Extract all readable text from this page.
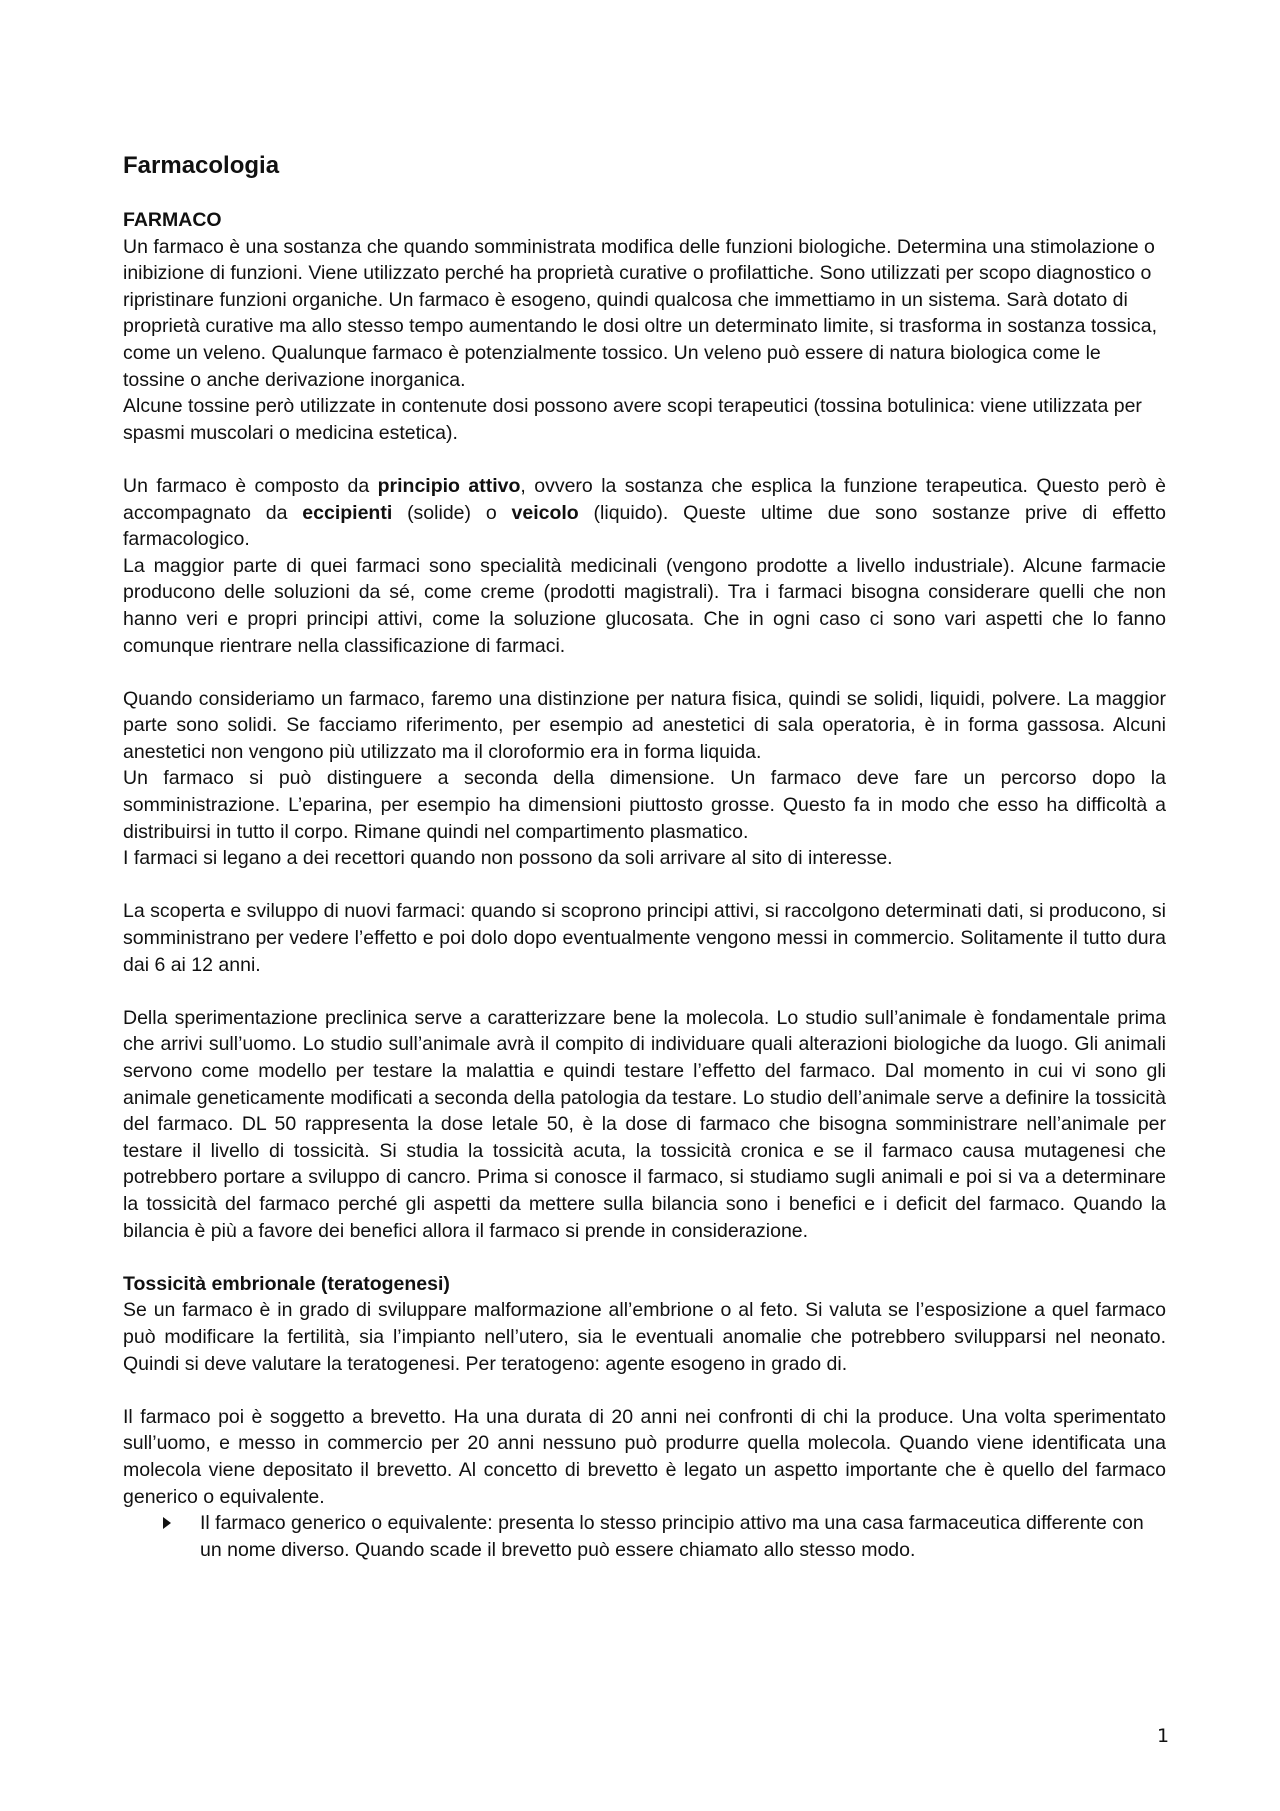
Farmacologia
FARMACO

Un farmaco è una sostanza che quando somministrata modifica delle funzioni biologiche. Determina una stimolazione o inibizione di funzioni. Viene utilizzato perché ha proprietà curative o profilattiche. Sono utilizzati per scopo diagnostico o ripristinare funzioni organiche. Un farmaco è esogeno, quindi qualcosa che immettiamo in un sistema. Sarà dotato di proprietà curative ma allo stesso tempo aumentando le dosi oltre un determinato limite, si trasforma in sostanza tossica, come un veleno. Qualunque farmaco è potenzialmente tossico. Un veleno può essere di natura biologica come le tossine o anche derivazione inorganica.

Alcune tossine però utilizzate in contenute dosi possono avere scopi terapeutici (tossina botulinica: viene utilizzata per spasmi muscolari o medicina estetica).

Un farmaco è composto da principio attivo, ovvero la sostanza che esplica la funzione terapeutica. Questo però è accompagnato da eccipienti (solide) o veicolo (liquido). Queste ultime due sono sostanze prive di effetto farmacologico.

La maggior parte di quei farmaci sono specialità medicinali (vengono prodotte a livello industriale). Alcune farmacie producono delle soluzioni da sé, come creme (prodotti magistrali). Tra i farmaci bisogna considerare quelli che non hanno veri e propri principi attivi, come la soluzione glucosata. Che in ogni caso ci sono vari aspetti che lo fanno comunque rientrare nella classificazione di farmaci.

Quando consideriamo un farmaco, faremo una distinzione per natura fisica, quindi se solidi, liquidi, polvere. La maggior parte sono solidi. Se facciamo riferimento, per esempio ad anestetici di sala operatoria, è in forma gassosa. Alcuni anestetici non vengono più utilizzato ma il cloroformio era in forma liquida.

Un farmaco si può distinguere a seconda della dimensione. Un farmaco deve fare un percorso dopo la somministrazione. L’eparina, per esempio ha dimensioni piuttosto grosse. Questo fa in modo che esso ha difficoltà a distribuirsi in tutto il corpo. Rimane quindi nel compartimento plasmatico.

I farmaci si legano a dei recettori quando non possono da soli arrivare al sito di interesse.

La scoperta e sviluppo di nuovi farmaci: quando si scoprono principi attivi, si raccolgono determinati dati, si producono, si somministrano per vedere l’effetto e poi dolo dopo eventualmente vengono messi in commercio. Solitamente il tutto dura dai 6 ai 12 anni.

Della sperimentazione preclinica serve a caratterizzare bene la molecola. Lo studio sull’animale è fondamentale prima che arrivi sull’uomo. Lo studio sull’animale avrà il compito di individuare quali alterazioni biologiche da luogo. Gli animali servono come modello per testare la malattia e quindi testare l’effetto del farmaco. Dal momento in cui vi sono gli animale geneticamente modificati a seconda della patologia da testare. Lo studio dell’animale serve a definire la tossicità del farmaco. DL 50 rappresenta la dose letale 50, è la dose di farmaco che bisogna somministrare nell’animale per testare il livello di tossicità. Si studia la tossicità acuta, la tossicità cronica e se il farmaco causa mutagenesi che potrebbero portare a sviluppo di cancro. Prima si conosce il farmaco, si studiamo sugli animali e poi si va a determinare la tossicità del farmaco perché gli aspetti da mettere sulla bilancia sono i benefici e i deficit del farmaco. Quando la bilancia è più a favore dei benefici allora il farmaco si prende in considerazione.

Tossicità embrionale (teratogenesi)

Se un farmaco è in grado di sviluppare malformazione all’embrione o al feto. Si valuta se l’esposizione a quel farmaco può modificare la fertilità, sia l’impianto nell’utero, sia le eventuali anomalie che potrebbero svilupparsi nel neonato. Quindi si deve valutare la teratogenesi. Per teratogeno: agente esogeno in grado di.

Il farmaco poi è soggetto a brevetto. Ha una durata di 20 anni nei confronti di chi la produce. Una volta sperimentato sull’uomo, e messo in commercio per 20 anni nessuno può produrre quella molecola. Quando viene identificata una molecola viene depositato il brevetto. Al concetto di brevetto è legato un aspetto importante che è quello del farmaco generico o equivalente.

Il farmaco generico o equivalente: presenta lo stesso principio attivo ma una casa farmaceutica differente con un nome diverso. Quando scade il brevetto può essere chiamato allo stesso modo.
1
